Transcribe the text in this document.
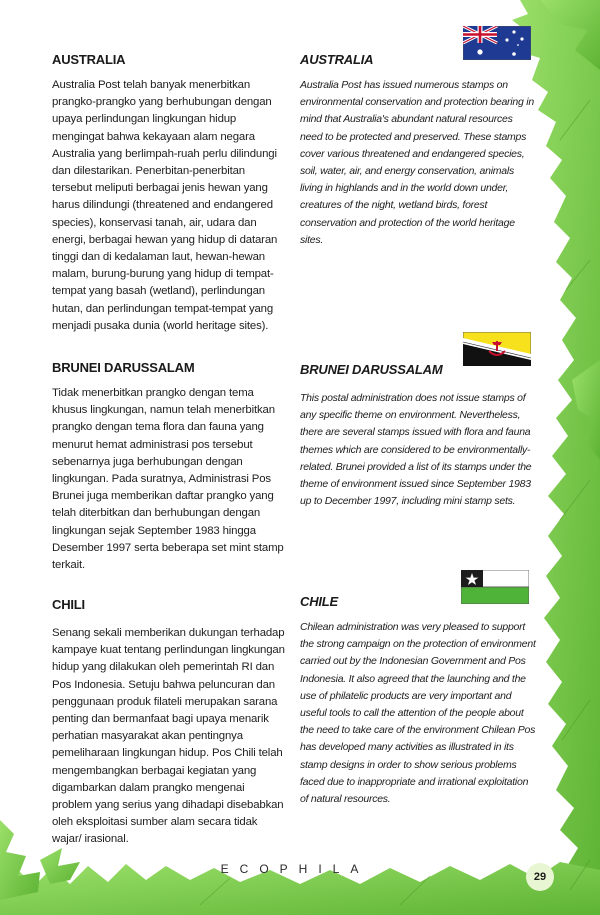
AUSTRALIA

Australia Post telah banyak menerbitkan prangko-prangko yang berhubungan dengan upaya perlindungan lingkungan hidup mengingat bahwa kekayaan alam negara Australia yang berlimpah-ruah perlu dilindungi dan dilestarikan. Penerbitan-penerbitan tersebut meliputi berbagai jenis hewan yang harus dilindungi (threatened and endangered species), konservasi tanah, air, udara dan energi, berbagai hewan yang hidup di dataran tinggi dan di kedalaman laut, hewan-hewan malam, burung-burung yang hidup di tempat-tempat yang basah (wetland), perlindungan hutan, dan perlindungan tempat-tempat yang menjadi pusaka dunia (world heritage sites).

AUSTRALIA

Australia Post has issued numerous stamps on environmental conservation and protection bearing in mind that Australia's abundant natural resources need to be protected and preserved. These stamps cover various threatened and endangered species, soil, water, air, and energy conservation, animals living in highlands and in the world down under, creatures of the night, wetland birds, forest conservation and protection of the world heritage sites.

BRUNEI DARUSSALAM

Tidak menerbitkan prangko dengan tema khusus lingkungan, namun telah menerbitkan prangko dengan tema flora dan fauna yang menurut hemat administrasi pos tersebut sebenarnya juga berhubungan dengan lingkungan. Pada suratnya, Administrasi Pos Brunei juga memberikan daftar prangko yang telah diterbitkan dan berhubungan dengan lingkungan sejak September 1983 hingga Desember 1997 serta beberapa set mint stamp terkait.

BRUNEI DARUSSALAM

This postal administration does not issue stamps of any specific theme on environment. Nevertheless, there are several stamps issued with flora and fauna themes which are considered to be environmentally-related. Brunei provided a list of its stamps under the theme of environment issued since September 1983 up to December 1997, including mini stamp sets.

CHILI

Senang sekali memberikan dukungan terhadap kampaye kuat tentang perlindungan lingkungan hidup yang dilakukan oleh pemerintah RI dan Pos Indonesia. Setuju bahwa peluncuran dan penggunaan produk filateli merupakan sarana penting dan bermanfaat bagi upaya menarik perhatian masyarakat akan pentingnya pemeliharaan lingkungan hidup. Pos Chili telah mengembangkan berbagai kegiatan yang digambarkan dalam prangko mengenai problem yang serius yang dihadapi disebabkan oleh eksploitasi sumber alam secara tidak wajar/ irasional.

CHILE

Chilean administration was very pleased to support the strong campaign on the protection of environment carried out by the Indonesian Government and Pos Indonesia. It also agreed that the launching and the use of philatelic products are very important and useful tools to call the attention of the people about the need to take care of the environment Chilean Pos has developed many activities as illustrated in its stamp designs in order to show serious problems faced due to inappropriate and irrational exploitation of natural resources.

ECOPHILA
29
